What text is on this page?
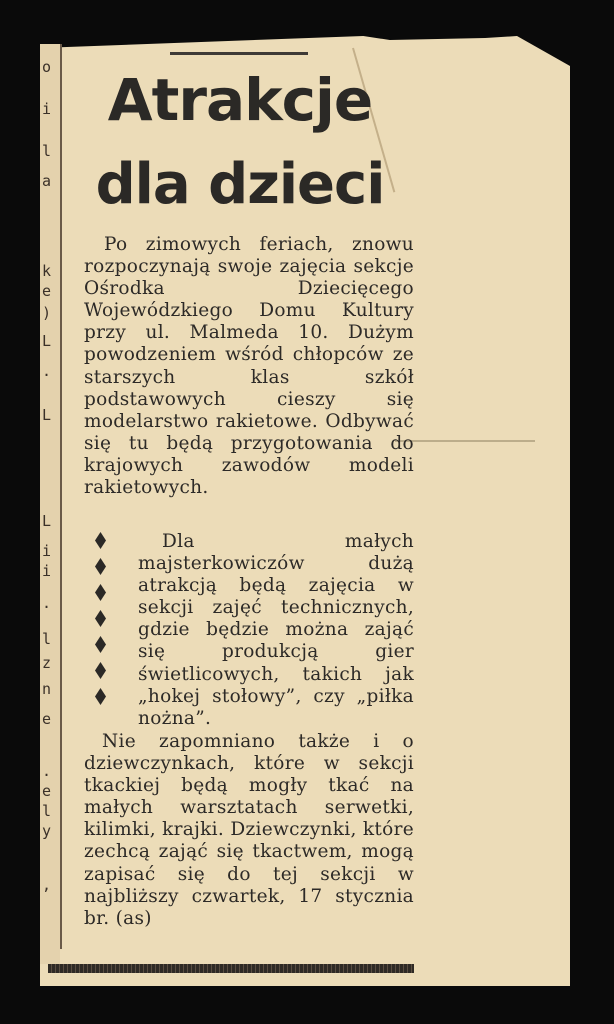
o
i
l
a
k
e
)
L
.
L
L
i
i
.
l
z
n
e
.
e
l
y
,
Atrakcje
dla dzieci
Po zimowych feriach, znowu rozpoczynają swoje zajęcia sekcje Ośrodka Dziecięcego Wojewódzkiego Domu Kultury przy ul. Malmeda 10. Dużym powodzeniem wśród chłopców ze starszych klas szkół podstawowych cieszy się modelarstwo rakietowe. Odbywać się tu będą przygotowania do krajowych zawodów modeli rakietowych.
Dla małych majsterkowiczów dużą atrakcją będą zajęcia w sekcji zajęć technicznych, gdzie będzie można zająć się produkcją gier świetlicowych, takich jak „hokej stołowy”, czy „piłka nożna”.
Nie zapomniano także i o dziewczynkach, które w sekcji tkackiej będą mogły tkać na małych warsztatach serwetki, kilimki, krajki. Dziewczynki, które zechcą zająć się tkactwem, mogą zapisać się do tej sekcji w najbliższy czwartek, 17 stycznia br. (as)
